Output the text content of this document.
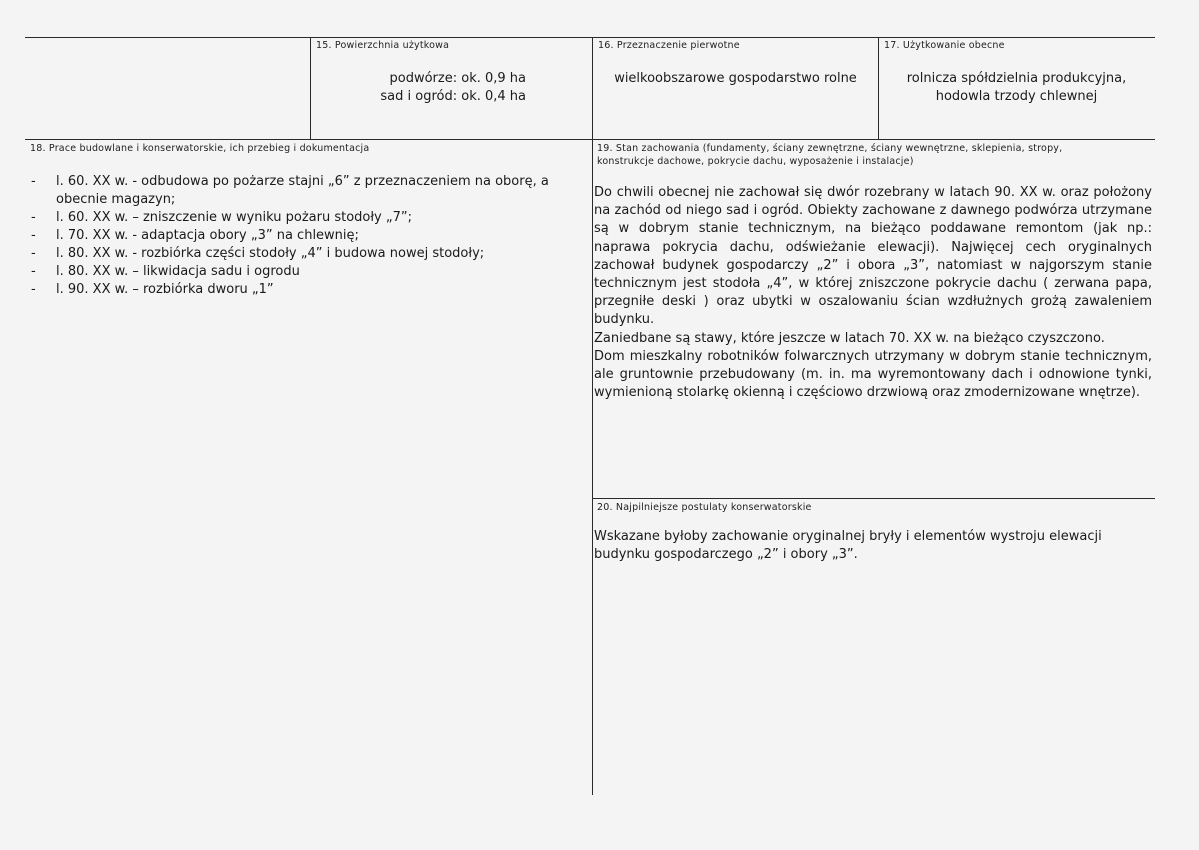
15. Powierzchnia użytkowa
podwórze: ok. 0,9 ha
sad i ogród: ok. 0,4 ha
16. Przeznaczenie pierwotne
wielkoobszarowe gospodarstwo rolne
17. Użytkowanie obecne
rolnicza spółdzielnia produkcyjna,
hodowla trzody chlewnej
18. Prace budowlane i konserwatorskie, ich przebieg i dokumentacja
- l. 60. XX w. - odbudowa po pożarze stajni „6” z przeznaczeniem na oborę, a obecnie magazyn;
- l. 60. XX w. – zniszczenie w wyniku pożaru stodoły „7”;
- l. 70. XX w. - adaptacja obory „3” na chlewnię;
- l. 80. XX w. - rozbiórka części stodoły „4” i budowa nowej stodoły;
- l. 80. XX w. – likwidacja sadu i ogrodu
- l. 90. XX w. – rozbiórka dworu „1”
19. Stan zachowania (fundamenty, ściany zewnętrzne, ściany wewnętrzne, sklepienia, stropy,
konstrukcje dachowe, pokrycie dachu, wyposażenie i instalacje)

Do chwili obecnej nie zachował się dwór rozebrany w latach 90. XX w. oraz położony na zachód od niego sad i ogród. Obiekty zachowane z dawnego podwórza utrzymane są w dobrym stanie technicznym, na bieżąco poddawane remontom (jak np.: naprawa pokrycia dachu, odświeżanie elewacji). Najwięcej cech oryginalnych zachował budynek gospodarczy „2” i obora „3”, natomiast w najgorszym stanie technicznym jest stodoła „4”, w której zniszczone pokrycie dachu ( zerwana papa, przegniłe deski ) oraz ubytki w oszalowaniu ścian wzdłużnych grożą zawaleniem budynku.

Zaniedbane są stawy, które jeszcze w latach 70. XX w. na bieżąco czyszczono.

Dom mieszkalny robotników folwarcznych utrzymany w dobrym stanie technicznym, ale gruntownie przebudowany (m. in. ma wyremontowany dach i odnowione tynki, wymienioną stolarkę okienną i częściowo drzwiową oraz zmodernizowane wnętrze).

20. Najpilniejsze postulaty konserwatorskie
Wskazane byłoby zachowanie oryginalnej bryły i elementów wystroju elewacji budynku gospodarczego „2” i obory „3”.
